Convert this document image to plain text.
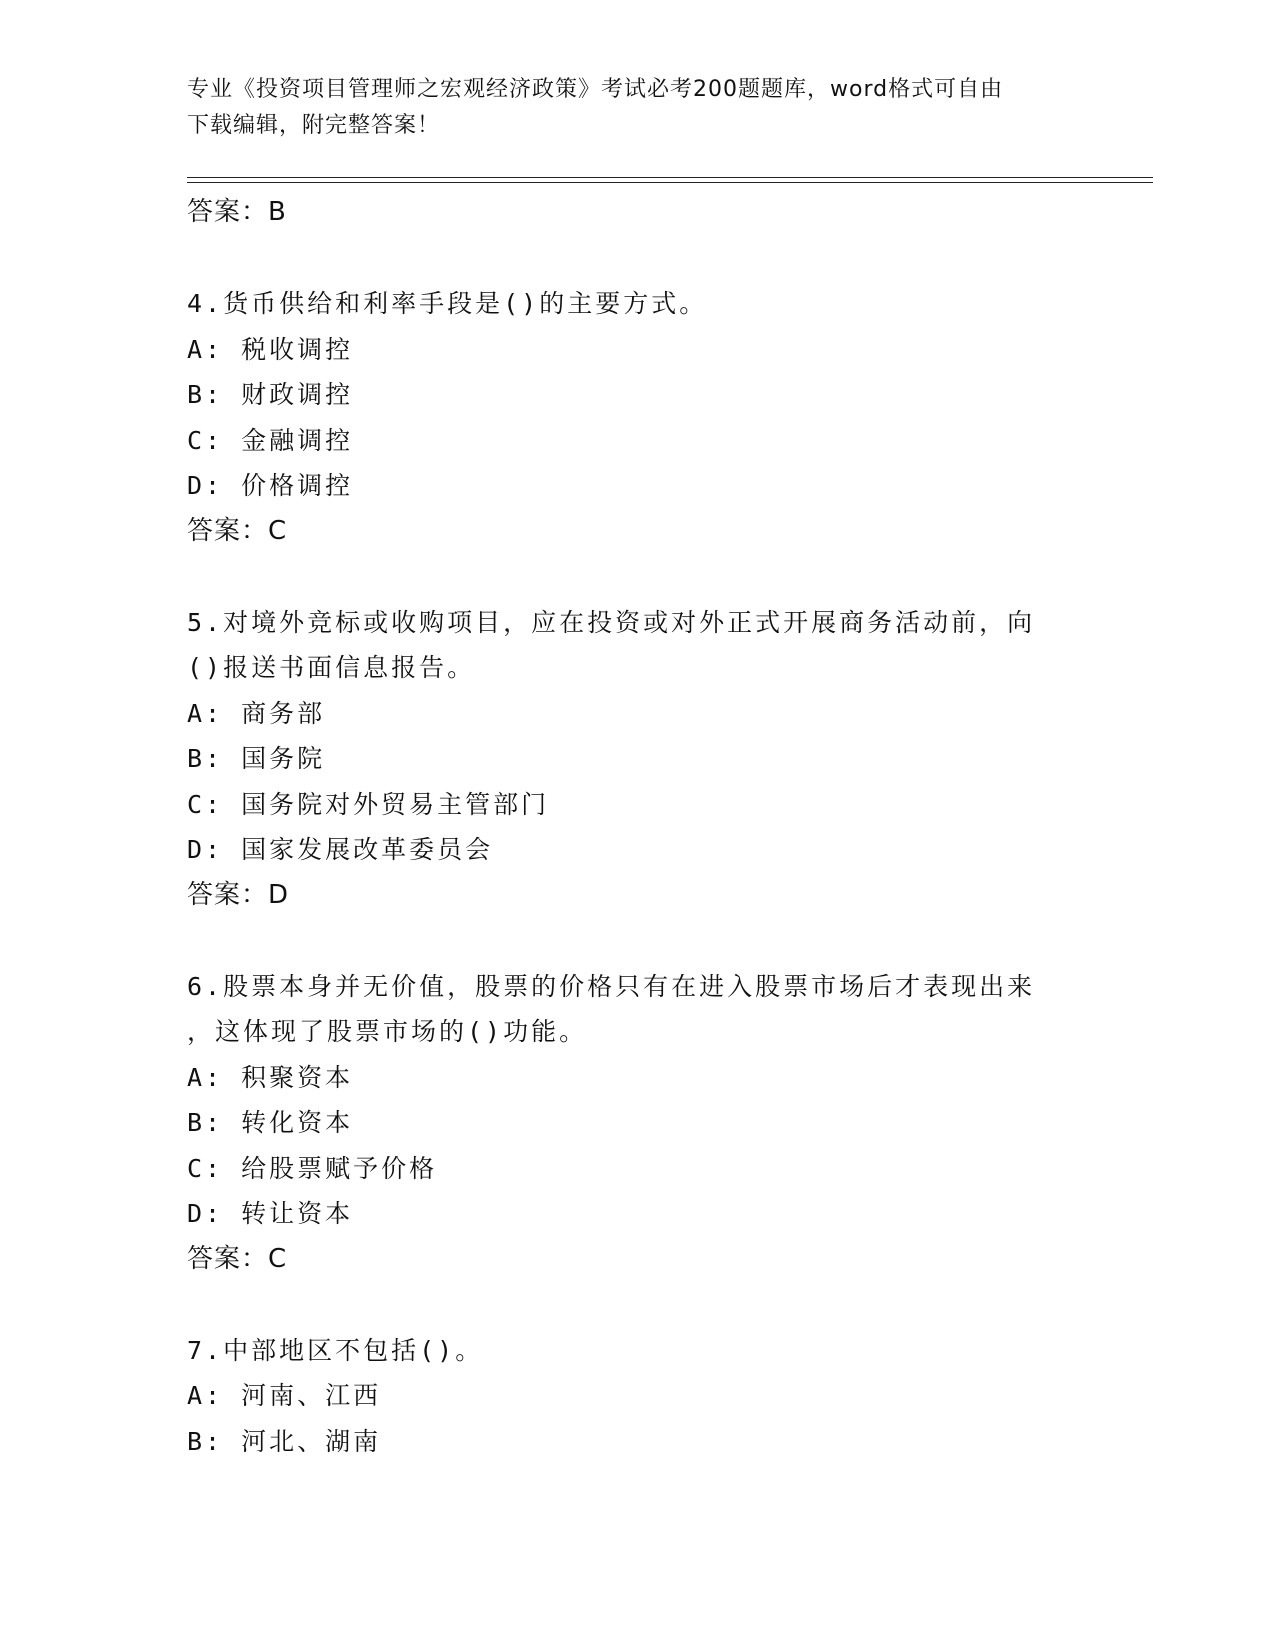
专业《投资项目管理师之宏观经济政策》考试必考200题题库，word格式可自由
下载编辑，附完整答案！

答案：B

4.货币供给和利率手段是()的主要方式。

A: 税收调控

B: 财政调控

C: 金融调控

D: 价格调控

答案：C

5.对境外竞标或收购项目，应在投资或对外正式开展商务活动前，向

()报送书面信息报告。

A: 商务部

B: 国务院

C: 国务院对外贸易主管部门

D: 国家发展改革委员会

答案：D

6.股票本身并无价值，股票的价格只有在进入股票市场后才表现出来

，这体现了股票市场的()功能。

A: 积聚资本

B: 转化资本

C: 给股票赋予价格

D: 转让资本

答案：C

7.中部地区不包括()。

A: 河南、江西

B: 河北、湖南
